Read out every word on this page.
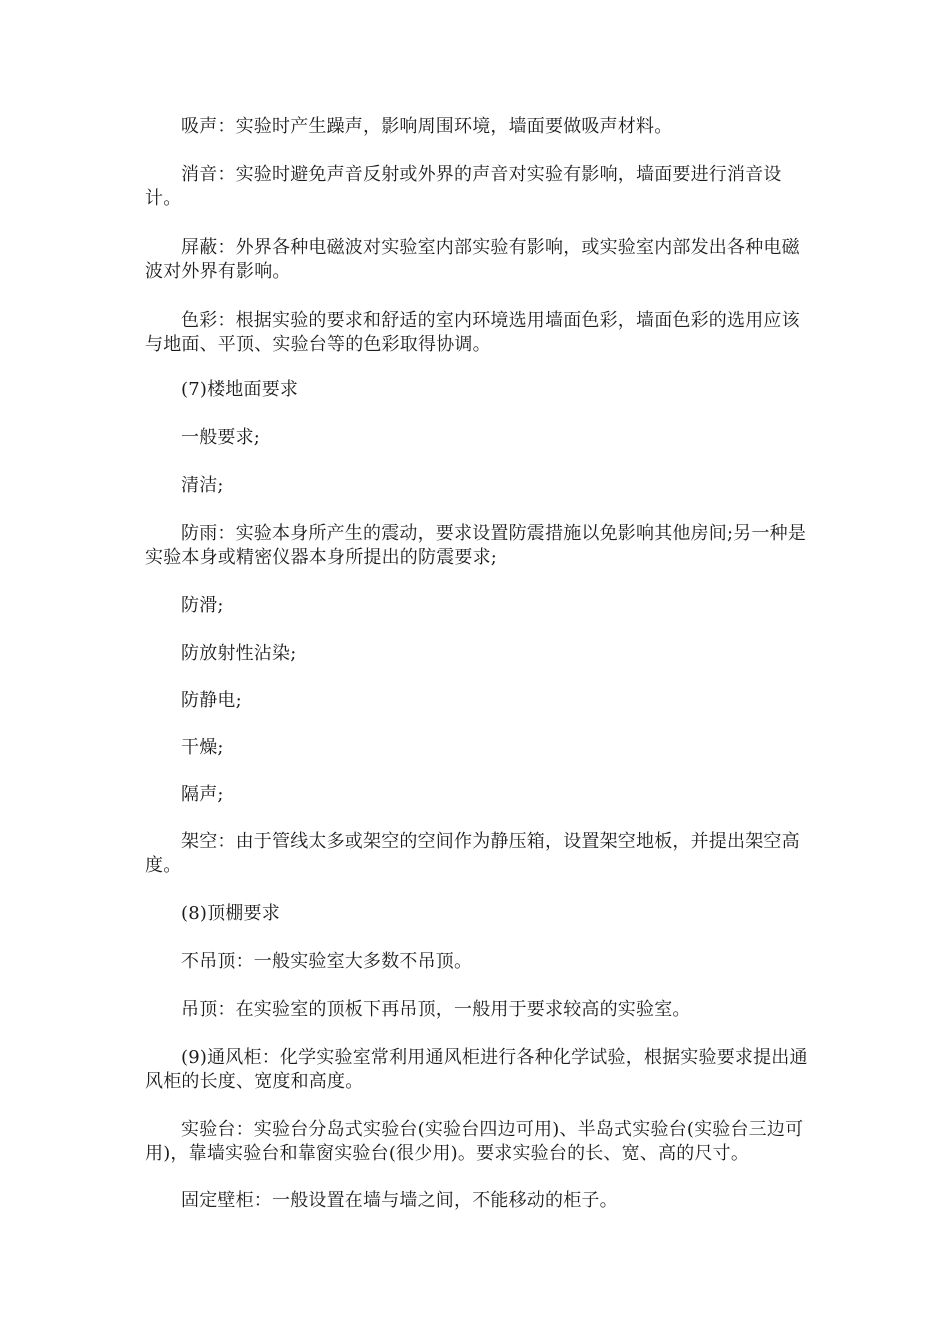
吸声：实验时产生躁声，影响周围环境，墙面要做吸声材料。

消音：实验时避免声音反射或外界的声音对实验有影响，墙面要进行消音设计。

屏蔽：外界各种电磁波对实验室内部实验有影响，或实验室内部发出各种电磁波对外界有影响。

色彩：根据实验的要求和舒适的室内环境选用墙面色彩，墙面色彩的选用应该与地面、平顶、实验台等的色彩取得协调。

(7)楼地面要求

一般要求;

清洁;

防雨：实验本身所产生的震动，要求设置防震措施以免影响其他房间;另一种是实验本身或精密仪器本身所提出的防震要求;

防滑;

防放射性沾染;

防静电;

干燥;

隔声;

架空：由于管线太多或架空的空间作为静压箱，设置架空地板，并提出架空高度。

(8)顶棚要求

不吊顶：一般实验室大多数不吊顶。

吊顶：在实验室的顶板下再吊顶，一般用于要求较高的实验室。

(9)通风柜：化学实验室常利用通风柜进行各种化学试验，根据实验要求提出通风柜的长度、宽度和高度。

实验台：实验台分岛式实验台(实验台四边可用)、半岛式实验台(实验台三边可用)，靠墙实验台和靠窗实验台(很少用)。要求实验台的长、宽、高的尺寸。

固定壁柜：一般设置在墙与墙之间，不能移动的柜子。
